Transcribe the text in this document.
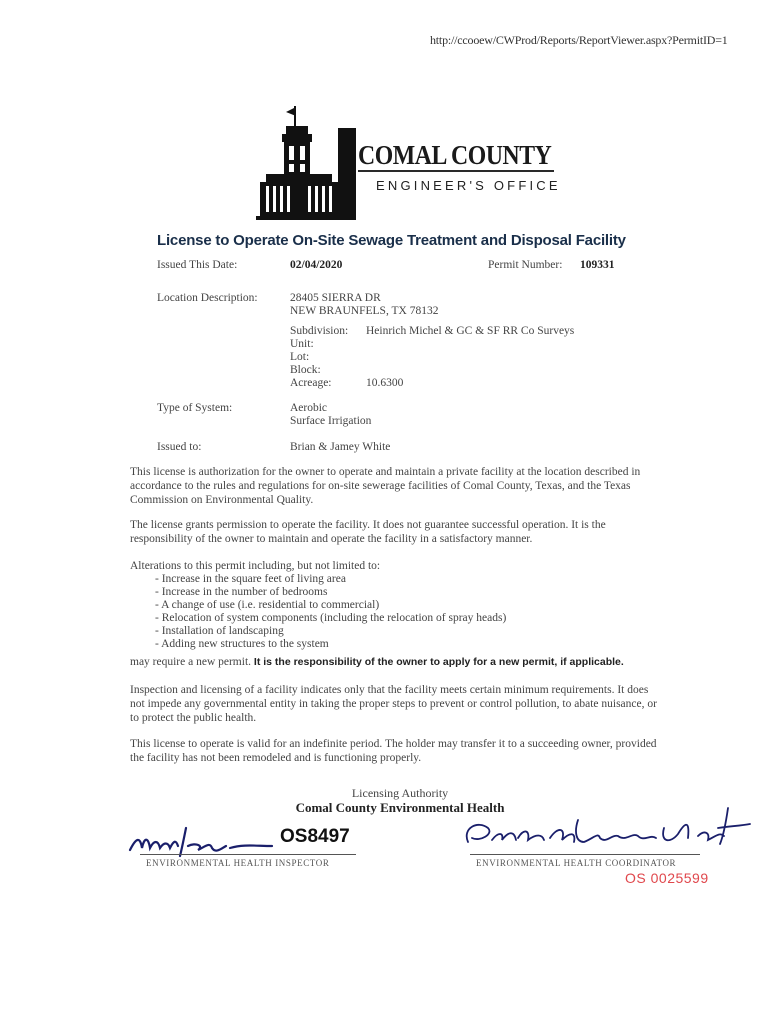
http://ccooew/CWProd/Reports/ReportViewer.aspx?PermitID=1
COMAL COUNTY
ENGINEER'S OFFICE
License to Operate On-Site Sewage Treatment and Disposal Facility
Issued This Date:	02/04/2020	Permit Number: 109331
Location Description:	28405 SIERRA DR
NEW BRAUNFELS, TX 78132
Subdivision: Heinrich Michel & GC & SF RR Co Surveys
Unit:
Lot:
Block:
Acreage:	10.6300
Type of System:	Aerobic
Surface Irrigation
Issued to:	Brian & Jamey White
This license is authorization for the owner to operate and maintain a private facility at the location described in accordance to the rules and regulations for on-site sewerage facilities of Comal County, Texas, and the Texas Commission on Environmental Quality.
The license grants permission to operate the facility. It does not guarantee successful operation. It is the responsibility of the owner to maintain and operate the facility in a satisfactory manner.
Alterations to this permit including, but not limited to:
- Increase in the square feet of living area
- Increase in the number of bedrooms
- A change of use (i.e. residential to commercial)
- Relocation of system components (including the relocation of spray heads)
- Installation of landscaping
- Adding new structures to the system
may require a new permit. It is the responsibility of the owner to apply for a new permit, if applicable.
Inspection and licensing of a facility indicates only that the facility meets certain minimum requirements. It does not impede any governmental entity in taking the proper steps to prevent or control pollution, to abate nuisance, or to protect the public health.
This license to operate is valid for an indefinite period. The holder may transfer it to a succeeding owner, provided the facility has not been remodeled and is functioning properly.
Licensing Authority
Comal County Environmental Health
OS8497
ENVIRONMENTAL HEALTH INSPECTOR	ENVIRONMENTAL HEALTH COORDINATOR
OS 0025599
